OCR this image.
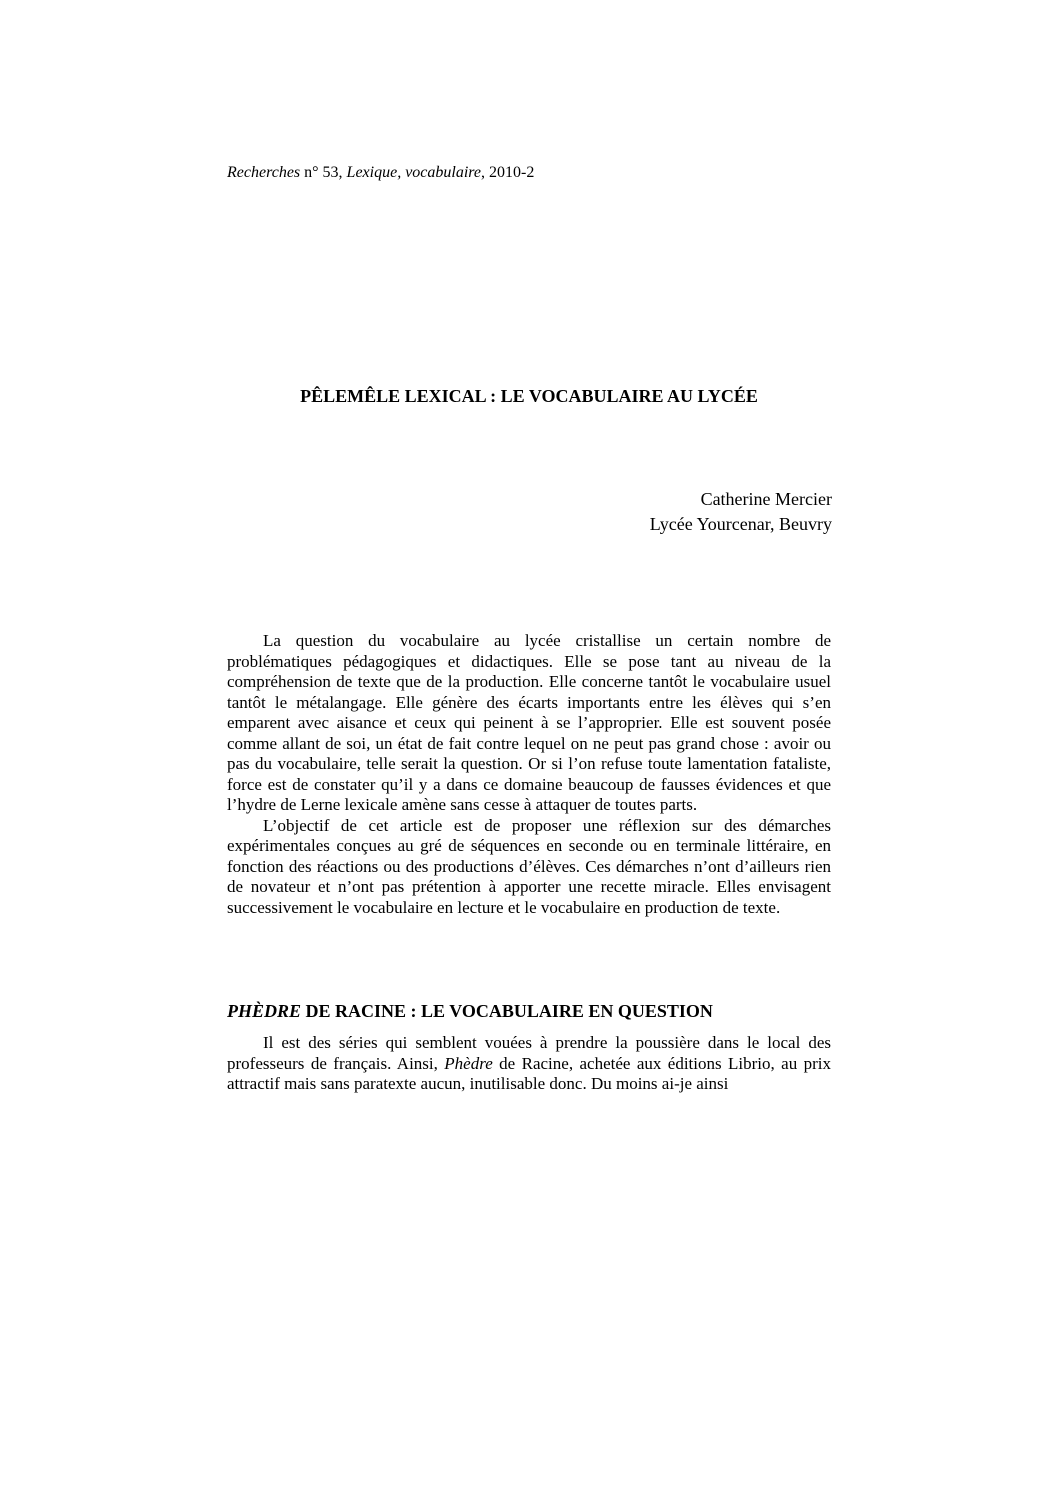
Recherches n° 53, Lexique, vocabulaire, 2010-2
PÊLEMÊLE LEXICAL : LE VOCABULAIRE AU LYCÉE
Catherine Mercier
Lycée Yourcenar, Beuvry

La question du vocabulaire au lycée cristallise un certain nombre de problématiques pédagogiques et didactiques. Elle se pose tant au niveau de la compréhension de texte que de la production. Elle concerne tantôt le vocabulaire usuel tantôt le métalangage. Elle génère des écarts importants entre les élèves qui s’en emparent avec aisance et ceux qui peinent à se l’approprier. Elle est souvent posée comme allant de soi, un état de fait contre lequel on ne peut pas grand chose : avoir ou pas du vocabulaire, telle serait la question. Or si l’on refuse toute lamentation fataliste, force est de constater qu’il y a dans ce domaine beaucoup de fausses évidences et que l’hydre de Lerne lexicale amène sans cesse à attaquer de toutes parts.

L’objectif de cet article est de proposer une réflexion sur des démarches expérimentales conçues au gré de séquences en seconde ou en terminale littéraire, en fonction des réactions ou des productions d’élèves. Ces démarches n’ont d’ailleurs rien de novateur et n’ont pas prétention à apporter une recette miracle. Elles envisagent successivement le vocabulaire en lecture et le vocabulaire en production de texte.

PHÈDRE DE RACINE : LE VOCABULAIRE EN QUESTION

Il est des séries qui semblent vouées à prendre la poussière dans le local des professeurs de français. Ainsi, Phèdre de Racine, achetée aux éditions Librio, au prix attractif mais sans paratexte aucun, inutilisable donc. Du moins ai-je ainsi
